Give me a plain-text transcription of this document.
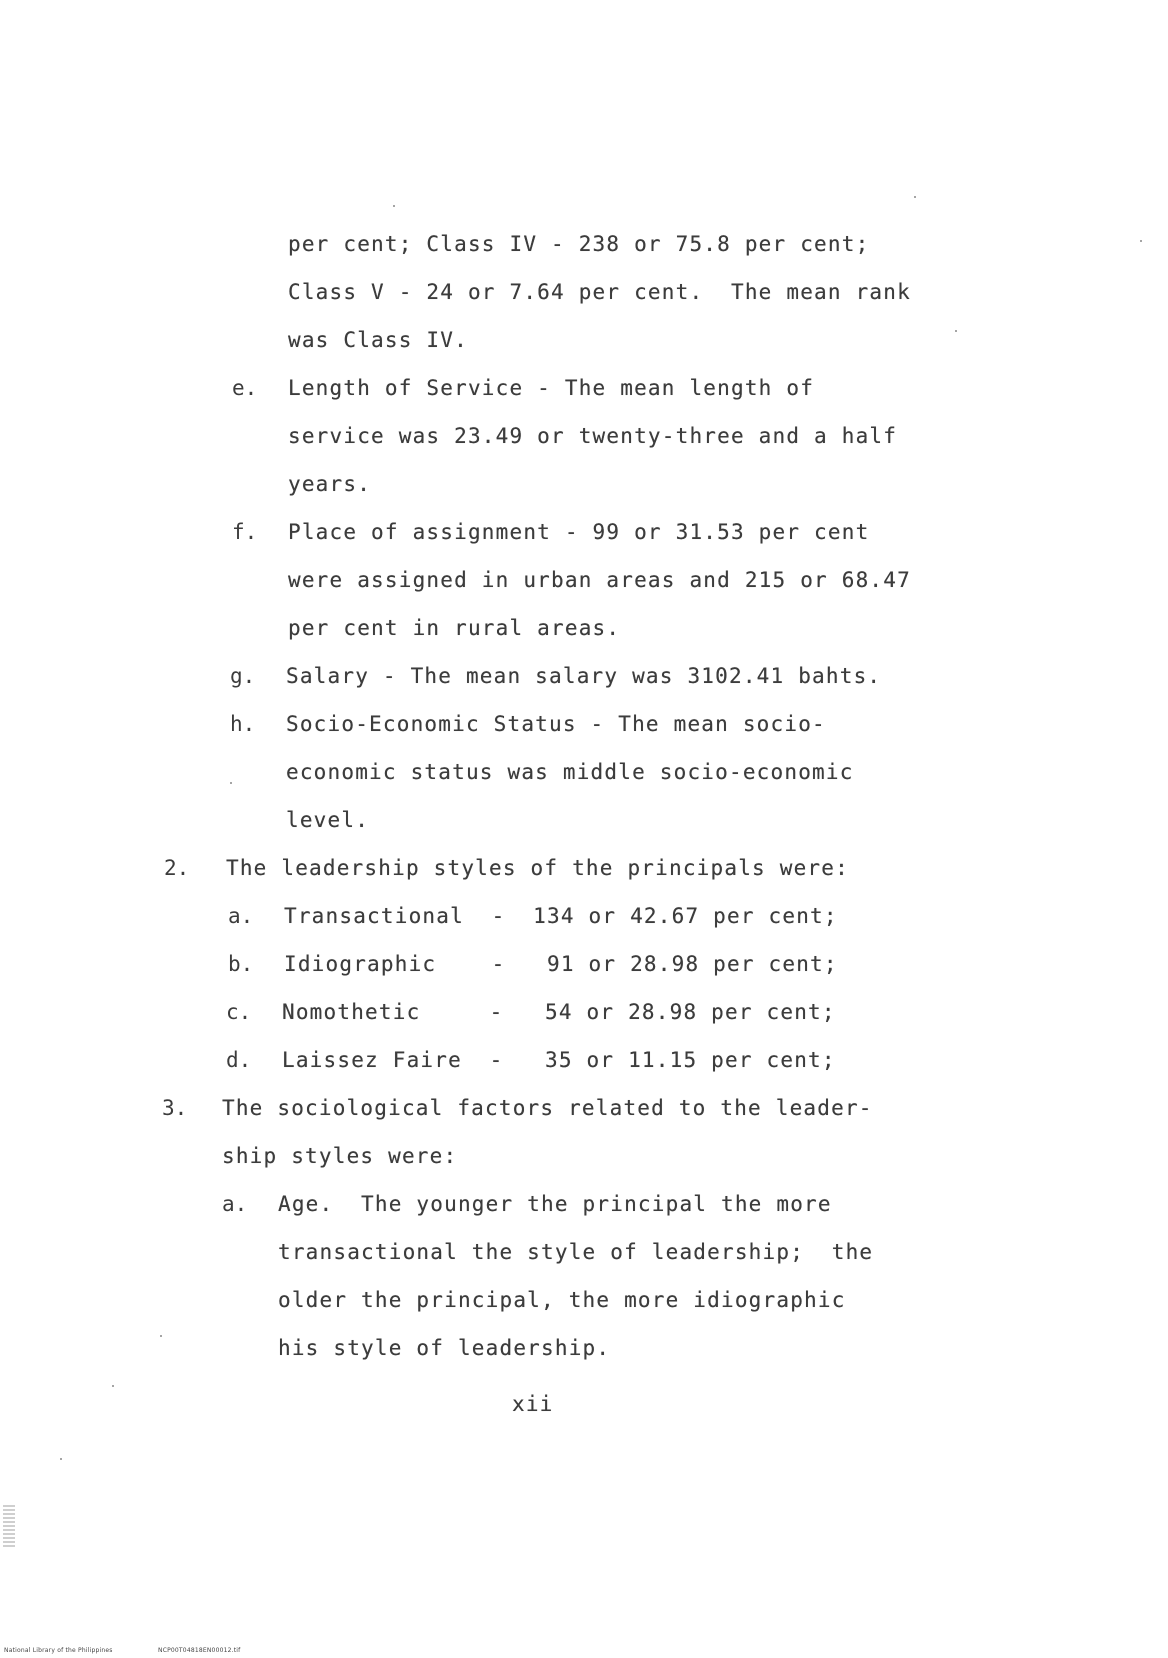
per cent; Class IV - 238 or 75.8 per cent;
Class V - 24 or 7.64 per cent.  The mean rank
was Class IV.
e. Length of Service - The mean length of
service was 23.49 or twenty-three and a half
years.
f. Place of assignment - 99 or 31.53 per cent
were assigned in urban areas and 215 or 68.47
per cent in rural areas.
g. Salary - The mean salary was 3102.41 bahts.
h. Socio-Economic Status - The mean socio-
economic status was middle socio-economic
level.
2. The leadership styles of the principals were:
a. Transactional  -  134 or 42.67 per cent;
b. Idiographic    -   91 or 28.98 per cent;
c. Nomothetic     -   54 or 28.98 per cent;
d. Laissez Faire  -   35 or 11.15 per cent;
3. The sociological factors related to the leader-
ship styles were:
a. Age.  The younger the principal the more
transactional the style of leadership;  the
older the principal, the more idiographic
his style of leadership.
xii
National Library of the Philippines	NCP00T04818EN00012.tif
